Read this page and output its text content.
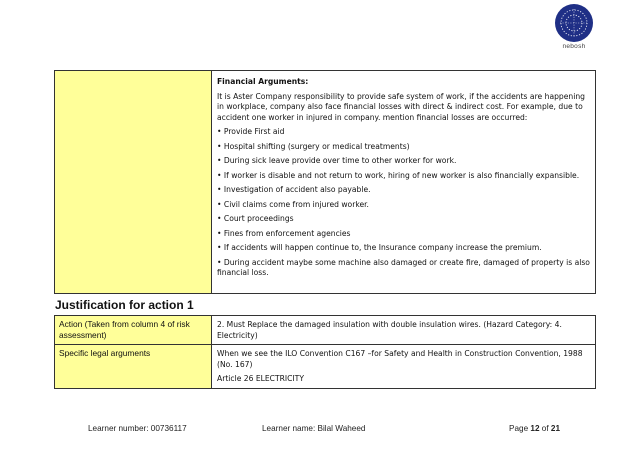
nebosh

Financial Arguments:

It is Aster Company responsibility to provide safe system of work, if the accidents are happening in workplace, company also face financial losses with direct & indirect cost. For example, due to accident one worker in injured in company. mention financial losses are occurred:

• Provide First aid

• Hospital shifting (surgery or medical treatments)

• During sick leave provide over time to other worker for work.

• If worker is disable and not return to work, hiring of new worker is also financially expansible.

• Investigation of accident also payable.

• Civil claims come from injured worker.

• Court proceedings

• Fines from enforcement agencies

• If accidents will happen continue to, the Insurance company increase the premium.

• During accident maybe some machine also damaged or create fire, damaged of property is also financial loss.

Justification for action 1
Action (Taken from column 4 of risk assessment)	2. Must Replace the damaged insulation with double insulation wires. (Hazard Category: 4. Electricity)

Specific legal arguments	When we see the ILO Convention C167 –for Safety and Health in Construction Convention, 1988 (No. 167)

Article 26 ELECTRICITY

Learner number: 00736117	Learner name: Bilal Waheed	Page 12 of 21
